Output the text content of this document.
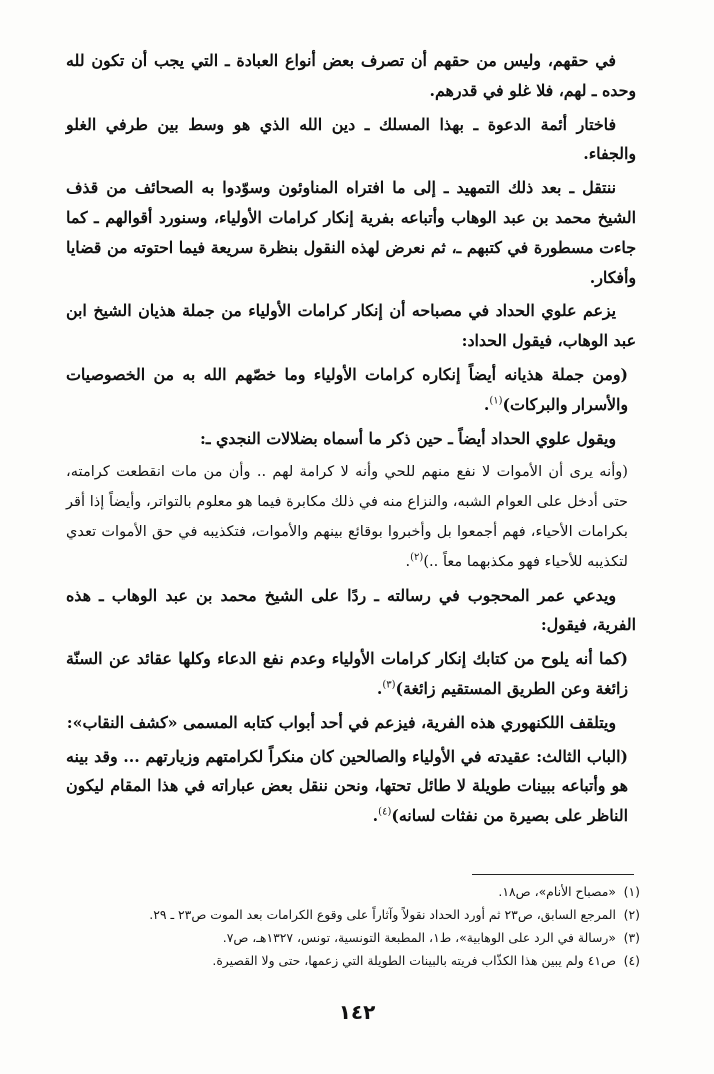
في حقهم، وليس من حقهم أن تصرف بعض أنواع العبادة ـ التي يجب أن تكون لله وحده ـ لهم، فلا غلو في قدرهم.

فاختار أئمة الدعوة ـ بهذا المسلك ـ دين الله الذي هو وسط بين طرفي الغلو والجفاء.

ننتقل ـ بعد ذلك التمهيد ـ إلى ما افتراه المناوئون وسوّدوا به الصحائف من قذف الشيخ محمد بن عبد الوهاب وأتباعه بفرية إنكار كرامات الأولياء، وسنورد أقوالهم ـ كما جاءت مسطورة في كتبهم ـ، ثم نعرض لهذه النقول بنظرة سريعة فيما احتوته من قضايا وأفكار.

يزعم علوي الحداد في مصباحه أن إنكار كرامات الأولياء من جملة هذيان الشيخ ابن عبد الوهاب، فيقول الحداد:

(ومن جملة هذيانه أيضاً إنكاره كرامات الأولياء وما خصّهم الله به من الخصوصيات والأسرار والبركات)$^{(١)}$.

ويقول علوي الحداد أيضاً ـ حين ذكر ما أسماه بضلالات النجدي ـ:

(وأنه يرى أن الأموات لا نفع منهم للحي وأنه لا كرامة لهم .. وأن من مات انقطعت كرامته، حتى أدخل على العوام الشبه، والنزاع منه في ذلك مكابرة فيما هو معلوم بالتواتر، وأيضاً إذا أقر بكرامات الأحياء، فهم أجمعوا بل وأخبروا بوقائع بينهم والأموات، فتكذيبه في حق الأموات تعدي لتكذيبه للأحياء فهو مكذبهما معاً ..)$^{(٢)}$.

ويدعي عمر المحجوب في رسالته ـ ردًا على الشيخ محمد بن عبد الوهاب ـ هذه الفرية، فيقول:

(كما أنه يلوح من كتابك إنكار كرامات الأولياء وعدم نفع الدعاء وكلها عقائد عن السنّة زائغة وعن الطريق المستقيم زائغة)$^{(٣)}$.

ويتلقف اللكنهوري هذه الفرية، فيزعم في أحد أبواب كتابه المسمى «كشف النقاب»:

(الباب الثالث: عقيدته في الأولياء والصالحين كان منكراً لكرامتهم وزيارتهم ... وقد بينه هو وأتباعه ببينات طويلة لا طائل تحتها، ونحن ننقل بعض عباراته في هذا المقام ليكون الناظر على بصيرة من نفثات لسانه)$^{(٤)}$.

(١)
«مصباح الأنام»، ص١٨.
(٢)
المرجع السابق، ص٢٣ ثم أورد الحداد نقولاً وآثاراً على وقوع الكرامات بعد الموت ص٢٣ ـ ٢٩.
(٣)
«رسالة في الرد على الوهابية»، ط١، المطبعة التونسية، تونس، ١٣٢٧هـ، ص٧.
(٤)
ص٤١ ولم يبين هذا الكذّاب فريته بالبينات الطويلة التي زعمها، حتى ولا القصيرة.
١٤٢
